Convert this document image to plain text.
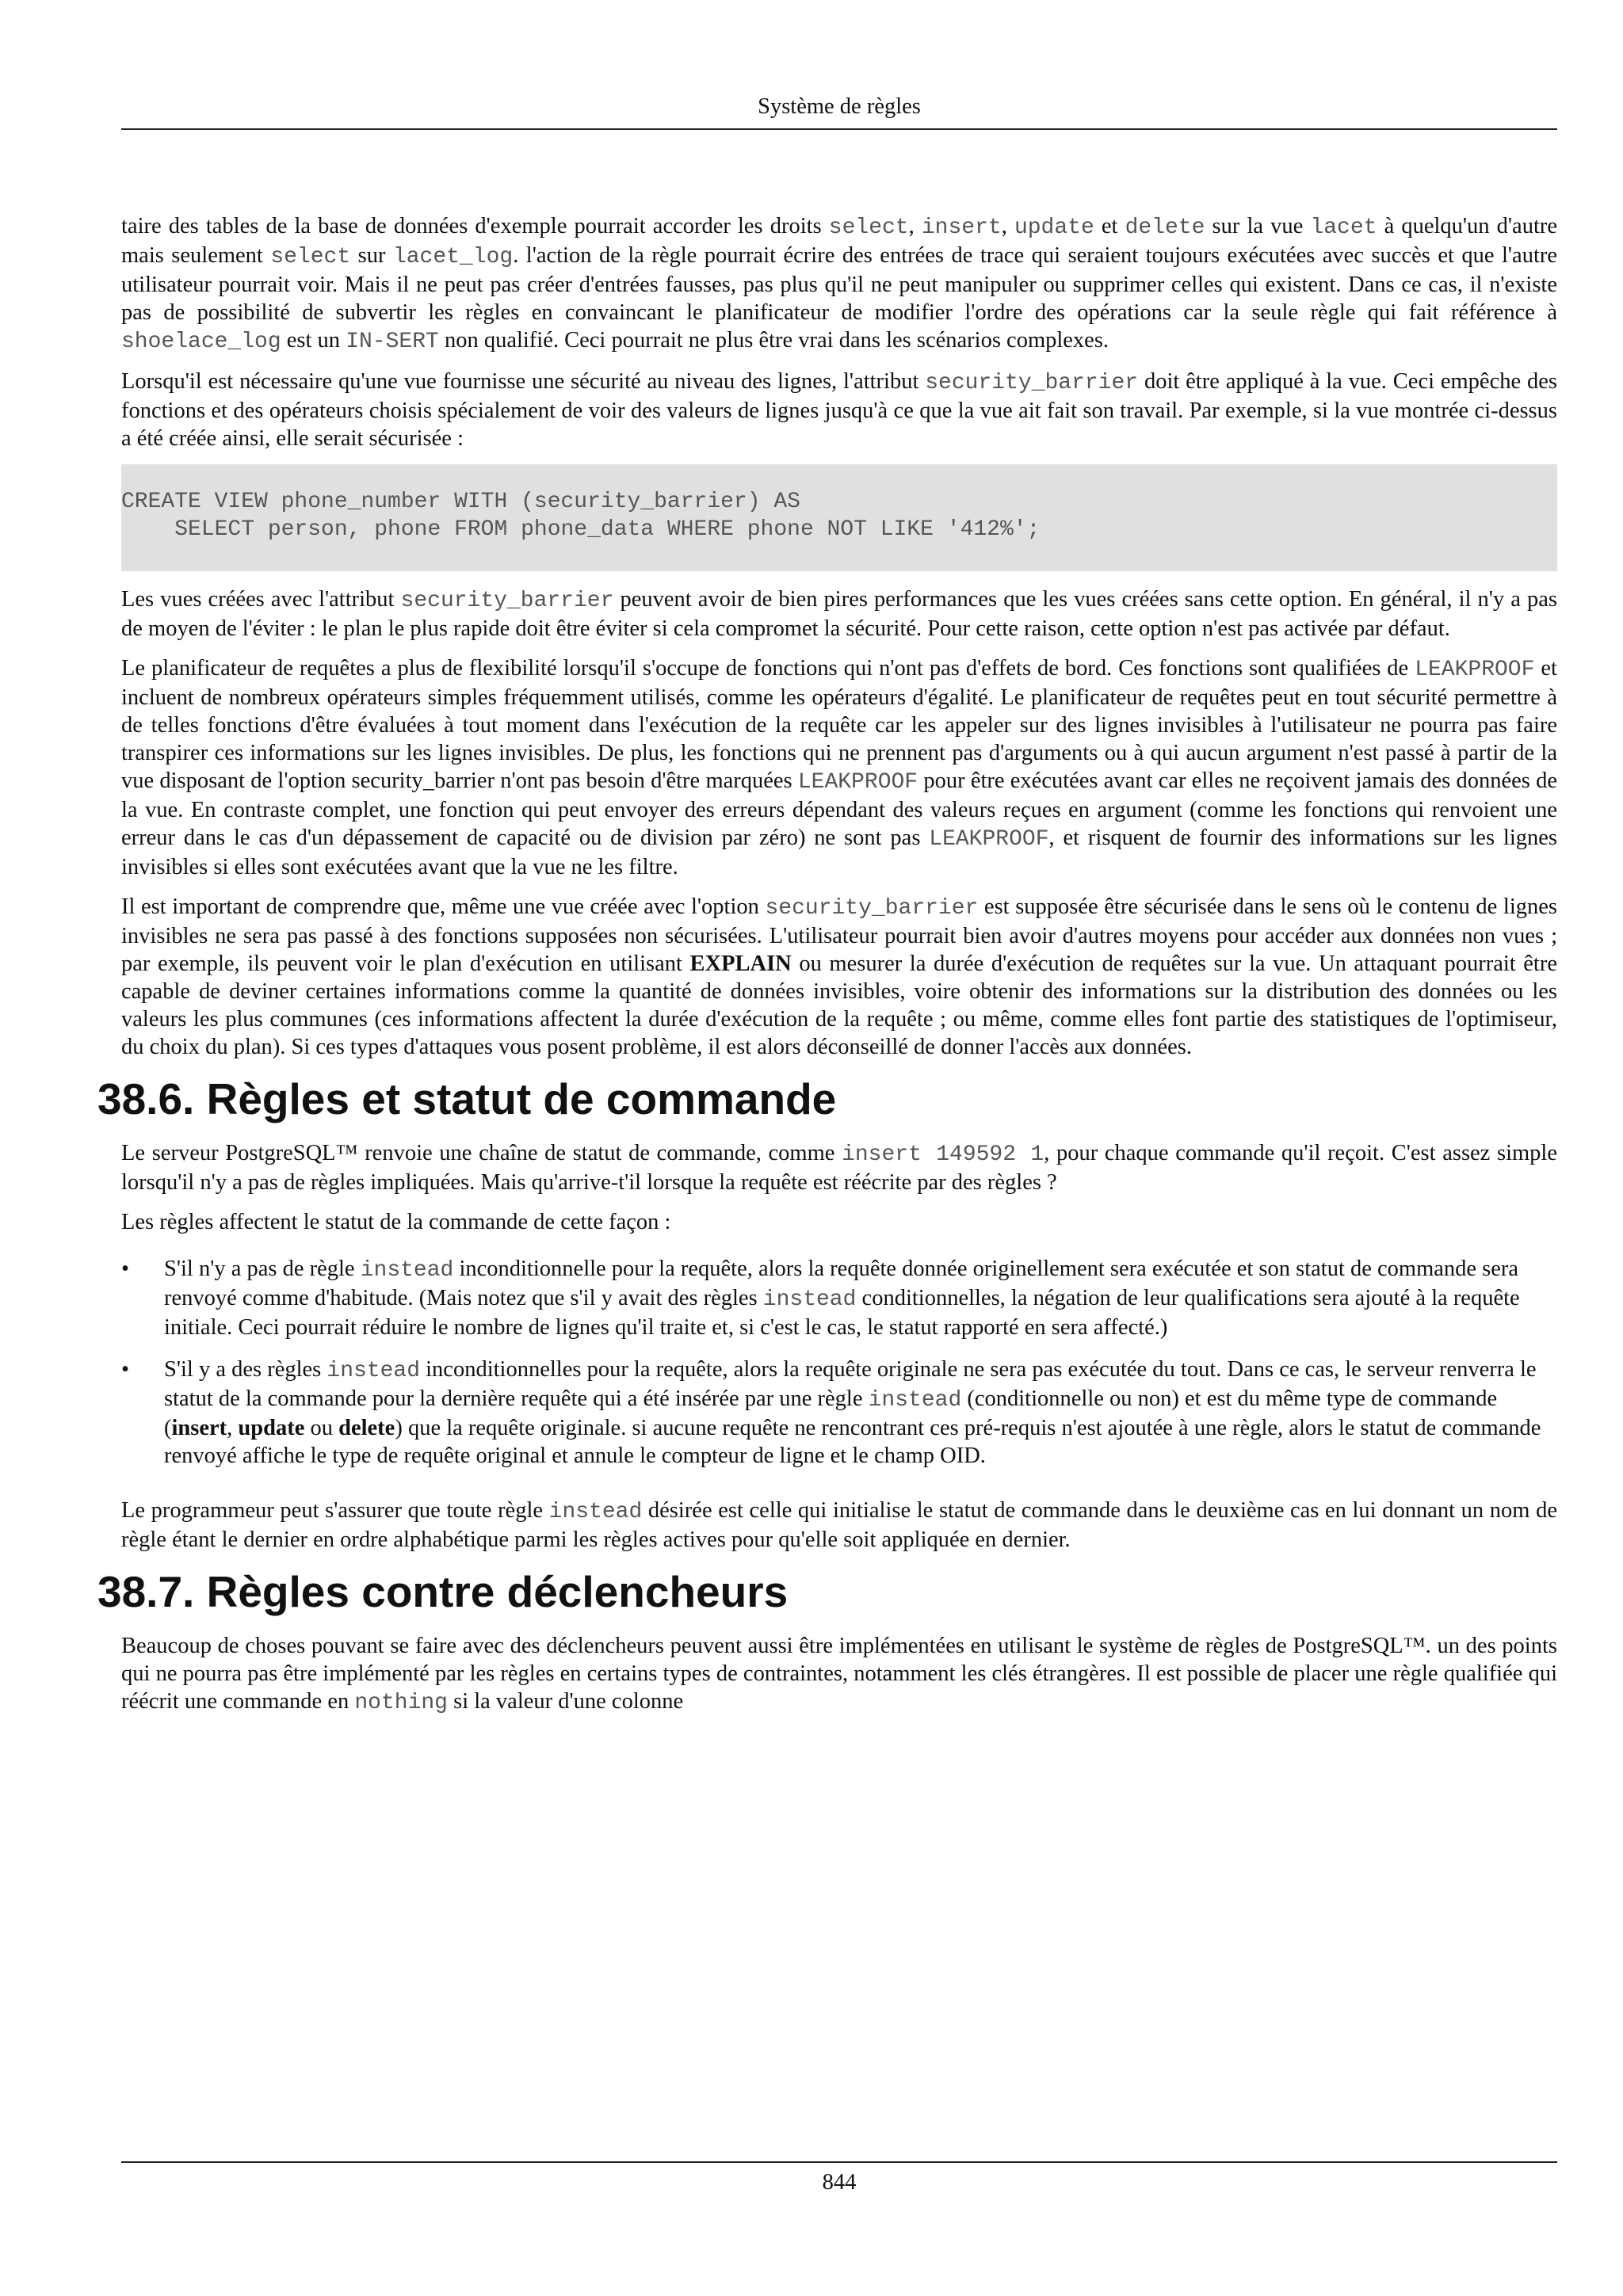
Système de règles

taire des tables de la base de données d'exemple pourrait accorder les droits select, insert, update et delete sur la vue lacet à quelqu'un d'autre mais seulement select sur lacet_log. l'action de la règle pourrait écrire des entrées de trace qui seraient toujours exécutées avec succès et que l'autre utilisateur pourrait voir. Mais il ne peut pas créer d'entrées fausses, pas plus qu'il ne peut manipuler ou supprimer celles qui existent. Dans ce cas, il n'existe pas de possibilité de subvertir les règles en convaincant le planificateur de modifier l'ordre des opérations car la seule règle qui fait référence à shoelace_log est un IN-SERT non qualifié. Ceci pourrait ne plus être vrai dans les scénarios complexes.

Lorsqu'il est nécessaire qu'une vue fournisse une sécurité au niveau des lignes, l'attribut security_barrier doit être appliqué à la vue. Ceci empêche des fonctions et des opérateurs choisis spécialement de voir des valeurs de lignes jusqu'à ce que la vue ait fait son travail. Par exemple, si la vue montrée ci-dessus a été créée ainsi, elle serait sécurisée :

CREATE VIEW phone_number WITH (security_barrier) AS
SELECT person, phone FROM phone_data WHERE phone NOT LIKE '412%';

Les vues créées avec l'attribut security_barrier peuvent avoir de bien pires performances que les vues créées sans cette option. En général, il n'y a pas de moyen de l'éviter : le plan le plus rapide doit être éviter si cela compromet la sécurité. Pour cette raison, cette option n'est pas activée par défaut.

Le planificateur de requêtes a plus de flexibilité lorsqu'il s'occupe de fonctions qui n'ont pas d'effets de bord. Ces fonctions sont qualifiées de LEAKPROOF et incluent de nombreux opérateurs simples fréquemment utilisés, comme les opérateurs d'égalité. Le planificateur de requêtes peut en tout sécurité permettre à de telles fonctions d'être évaluées à tout moment dans l'exécution de la requête car les appeler sur des lignes invisibles à l'utilisateur ne pourra pas faire transpirer ces informations sur les lignes invisibles. De plus, les fonctions qui ne prennent pas d'arguments ou à qui aucun argument n'est passé à partir de la vue disposant de l'option security_barrier n'ont pas besoin d'être marquées LEAKPROOF pour être exécutées avant car elles ne reçoivent jamais des données de la vue. En contraste complet, une fonction qui peut envoyer des erreurs dépendant des valeurs reçues en argument (comme les fonctions qui renvoient une erreur dans le cas d'un dépassement de capacité ou de division par zéro) ne sont pas LEAKPROOF, et risquent de fournir des informations sur les lignes invisibles si elles sont exécutées avant que la vue ne les filtre.

Il est important de comprendre que, même une vue créée avec l'option security_barrier est supposée être sécurisée dans le sens où le contenu de lignes invisibles ne sera pas passé à des fonctions supposées non sécurisées. L'utilisateur pourrait bien avoir d'autres moyens pour accéder aux données non vues ; par exemple, ils peuvent voir le plan d'exécution en utilisant EXPLAIN ou mesurer la durée d'exécution de requêtes sur la vue. Un attaquant pourrait être capable de deviner certaines informations comme la quantité de données invisibles, voire obtenir des informations sur la distribution des données ou les valeurs les plus communes (ces informations affectent la durée d'exécution de la requête ; ou même, comme elles font partie des statistiques de l'optimiseur, du choix du plan). Si ces types d'attaques vous posent problème, il est alors déconseillé de donner l'accès aux données.

38.6. Règles et statut de commande

Le serveur PostgreSQL™ renvoie une chaîne de statut de commande, comme insert 149592 1, pour chaque commande qu'il reçoit. C'est assez simple lorsqu'il n'y a pas de règles impliquées. Mais qu'arrive-t'il lorsque la requête est réécrite par des règles ?

Les règles affectent le statut de la commande de cette façon :

• S'il n'y a pas de règle instead inconditionnelle pour la requête, alors la requête donnée originellement sera exécutée et son statut de commande sera renvoyé comme d'habitude. (Mais notez que s'il y avait des règles instead conditionnelles, la négation de leur qualifications sera ajouté à la requête initiale. Ceci pourrait réduire le nombre de lignes qu'il traite et, si c'est le cas, le statut rapporté en sera affecté.)
• S'il y a des règles instead inconditionnelles pour la requête, alors la requête originale ne sera pas exécutée du tout. Dans ce cas, le serveur renverra le statut de la commande pour la dernière requête qui a été insérée par une règle instead (conditionnelle ou non) et est du même type de commande (insert, update ou delete) que la requête originale. si aucune requête ne rencontrant ces pré-requis n'est ajoutée à une règle, alors le statut de commande renvoyé affiche le type de requête original et annule le compteur de ligne et le champ OID.

Le programmeur peut s'assurer que toute règle instead désirée est celle qui initialise le statut de commande dans le deuxième cas en lui donnant un nom de règle étant le dernier en ordre alphabétique parmi les règles actives pour qu'elle soit appliquée en dernier.

38.7. Règles contre déclencheurs

Beaucoup de choses pouvant se faire avec des déclencheurs peuvent aussi être implémentées en utilisant le système de règles de PostgreSQL™. un des points qui ne pourra pas être implémenté par les règles en certains types de contraintes, notamment les clés étrangères. Il est possible de placer une règle qualifiée qui réécrit une commande en nothing si la valeur d'une colonne

844
